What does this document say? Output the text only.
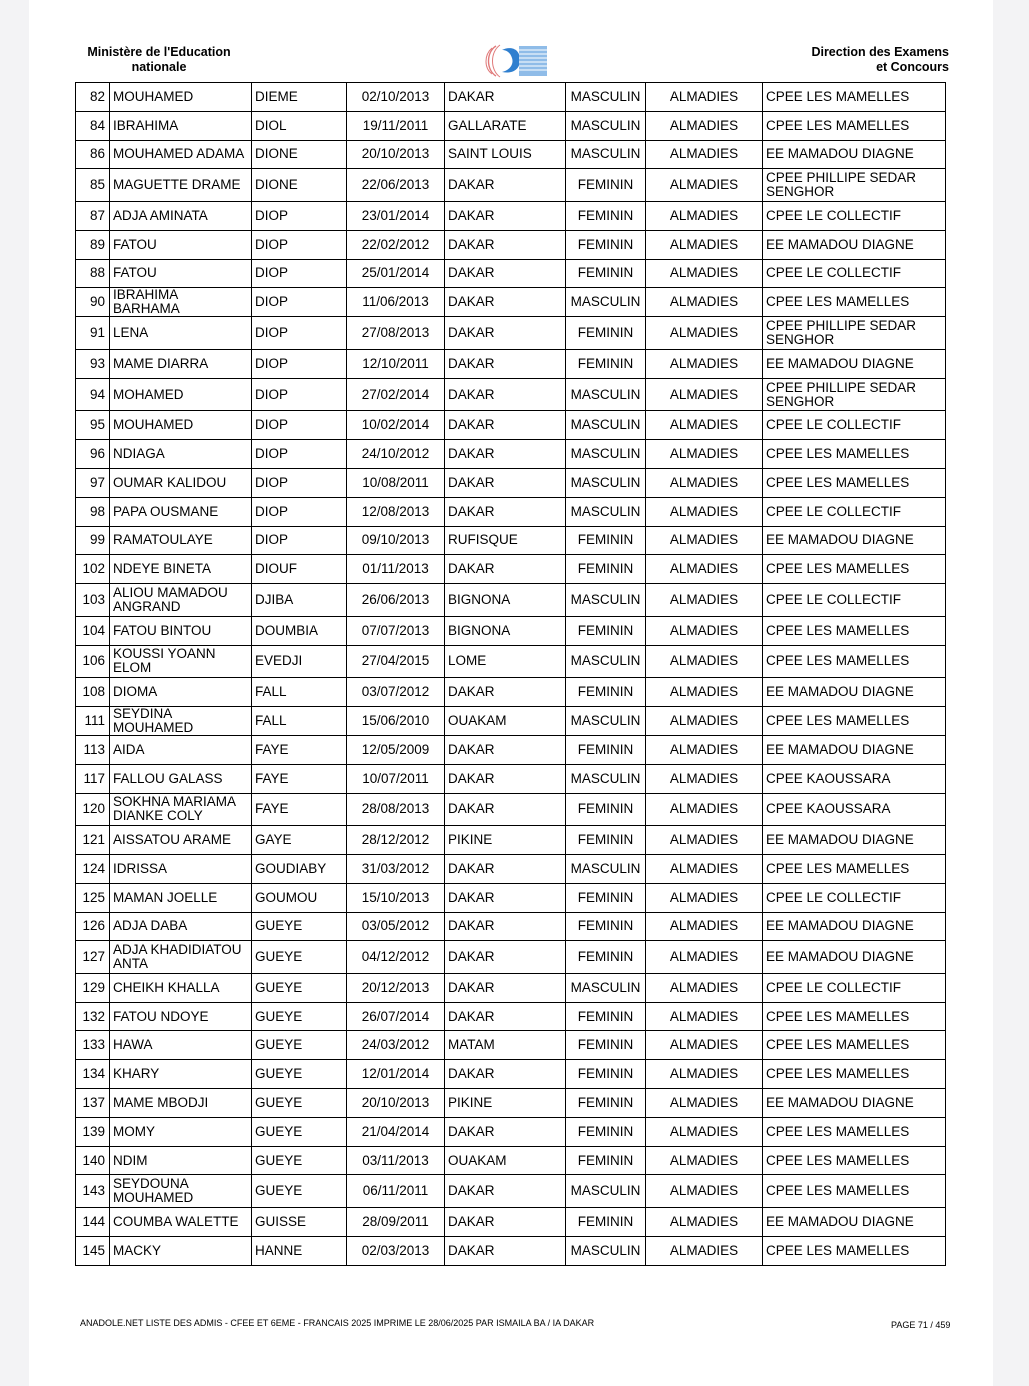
Ministère de l'Education
nationale
Direction des Examens
et Concours
82	MOUHAMED	DIEME	02/10/2013	DAKAR	MASCULIN	ALMADIES	CPEE LES MAMELLES
84	IBRAHIMA	DIOL	19/11/2011	GALLARATE	MASCULIN	ALMADIES	CPEE LES MAMELLES
86	MOUHAMED ADAMA	DIONE	20/10/2013	SAINT LOUIS	MASCULIN	ALMADIES	EE MAMADOU DIAGNE
85	MAGUETTE DRAME	DIONE	22/06/2013	DAKAR	FEMININ	ALMADIES	CPEE PHILLIPE SEDAR SENGHOR
87	ADJA AMINATA	DIOP	23/01/2014	DAKAR	FEMININ	ALMADIES	CPEE LE COLLECTIF
89	FATOU	DIOP	22/02/2012	DAKAR	FEMININ	ALMADIES	EE MAMADOU DIAGNE
88	FATOU	DIOP	25/01/2014	DAKAR	FEMININ	ALMADIES	CPEE LE COLLECTIF
90	IBRAHIMA BARHAMA	DIOP	11/06/2013	DAKAR	MASCULIN	ALMADIES	CPEE LES MAMELLES
91	LENA	DIOP	27/08/2013	DAKAR	FEMININ	ALMADIES	CPEE PHILLIPE SEDAR SENGHOR
93	MAME DIARRA	DIOP	12/10/2011	DAKAR	FEMININ	ALMADIES	EE MAMADOU DIAGNE
94	MOHAMED	DIOP	27/02/2014	DAKAR	MASCULIN	ALMADIES	CPEE PHILLIPE SEDAR SENGHOR
95	MOUHAMED	DIOP	10/02/2014	DAKAR	MASCULIN	ALMADIES	CPEE LE COLLECTIF
96	NDIAGA	DIOP	24/10/2012	DAKAR	MASCULIN	ALMADIES	CPEE LES MAMELLES
97	OUMAR KALIDOU	DIOP	10/08/2011	DAKAR	MASCULIN	ALMADIES	CPEE LES MAMELLES
98	PAPA OUSMANE	DIOP	12/08/2013	DAKAR	MASCULIN	ALMADIES	CPEE LE COLLECTIF
99	RAMATOULAYE	DIOP	09/10/2013	RUFISQUE	FEMININ	ALMADIES	EE MAMADOU DIAGNE
102	NDEYE BINETA	DIOUF	01/11/2013	DAKAR	FEMININ	ALMADIES	CPEE LES MAMELLES
103	ALIOU MAMADOU ANGRAND	DJIBA	26/06/2013	BIGNONA	MASCULIN	ALMADIES	CPEE LE COLLECTIF
104	FATOU BINTOU	DOUMBIA	07/07/2013	BIGNONA	FEMININ	ALMADIES	CPEE LES MAMELLES
106	KOUSSI YOANN ELOM	EVEDJI	27/04/2015	LOME	MASCULIN	ALMADIES	CPEE LES MAMELLES
108	DIOMA	FALL	03/07/2012	DAKAR	FEMININ	ALMADIES	EE MAMADOU DIAGNE
111	SEYDINA MOUHAMED	FALL	15/06/2010	OUAKAM	MASCULIN	ALMADIES	CPEE LES MAMELLES
113	AIDA	FAYE	12/05/2009	DAKAR	FEMININ	ALMADIES	EE MAMADOU DIAGNE
117	FALLOU GALASS	FAYE	10/07/2011	DAKAR	MASCULIN	ALMADIES	CPEE KAOUSSARA
120	SOKHNA MARIAMA DIANKE COLY	FAYE	28/08/2013	DAKAR	FEMININ	ALMADIES	CPEE KAOUSSARA
121	AISSATOU ARAME	GAYE	28/12/2012	PIKINE	FEMININ	ALMADIES	EE MAMADOU DIAGNE
124	IDRISSA	GOUDIABY	31/03/2012	DAKAR	MASCULIN	ALMADIES	CPEE LES MAMELLES
125	MAMAN JOELLE	GOUMOU	15/10/2013	DAKAR	FEMININ	ALMADIES	CPEE LE COLLECTIF
126	ADJA DABA	GUEYE	03/05/2012	DAKAR	FEMININ	ALMADIES	EE MAMADOU DIAGNE
127	ADJA KHADIDIATOU ANTA	GUEYE	04/12/2012	DAKAR	FEMININ	ALMADIES	EE MAMADOU DIAGNE
129	CHEIKH KHALLA	GUEYE	20/12/2013	DAKAR	MASCULIN	ALMADIES	CPEE LE COLLECTIF
132	FATOU NDOYE	GUEYE	26/07/2014	DAKAR	FEMININ	ALMADIES	CPEE LES MAMELLES
133	HAWA	GUEYE	24/03/2012	MATAM	FEMININ	ALMADIES	CPEE LES MAMELLES
134	KHARY	GUEYE	12/01/2014	DAKAR	FEMININ	ALMADIES	CPEE LES MAMELLES
137	MAME MBODJI	GUEYE	20/10/2013	PIKINE	FEMININ	ALMADIES	EE MAMADOU DIAGNE
139	MOMY	GUEYE	21/04/2014	DAKAR	FEMININ	ALMADIES	CPEE LES MAMELLES
140	NDIM	GUEYE	03/11/2013	OUAKAM	FEMININ	ALMADIES	CPEE LES MAMELLES
143	SEYDOUNA MOUHAMED	GUEYE	06/11/2011	DAKAR	MASCULIN	ALMADIES	CPEE LES MAMELLES
144	COUMBA WALETTE	GUISSE	28/09/2011	DAKAR	FEMININ	ALMADIES	EE MAMADOU DIAGNE
145	MACKY	HANNE	02/03/2013	DAKAR	MASCULIN	ALMADIES	CPEE LES MAMELLES
ANADOLE.NET LISTE DES ADMIS - CFEE ET 6EME - FRANCAIS 2025 IMPRIME LE 28/06/2025 PAR ISMAILA BA / IA DAKAR	PAGE 71 / 459
